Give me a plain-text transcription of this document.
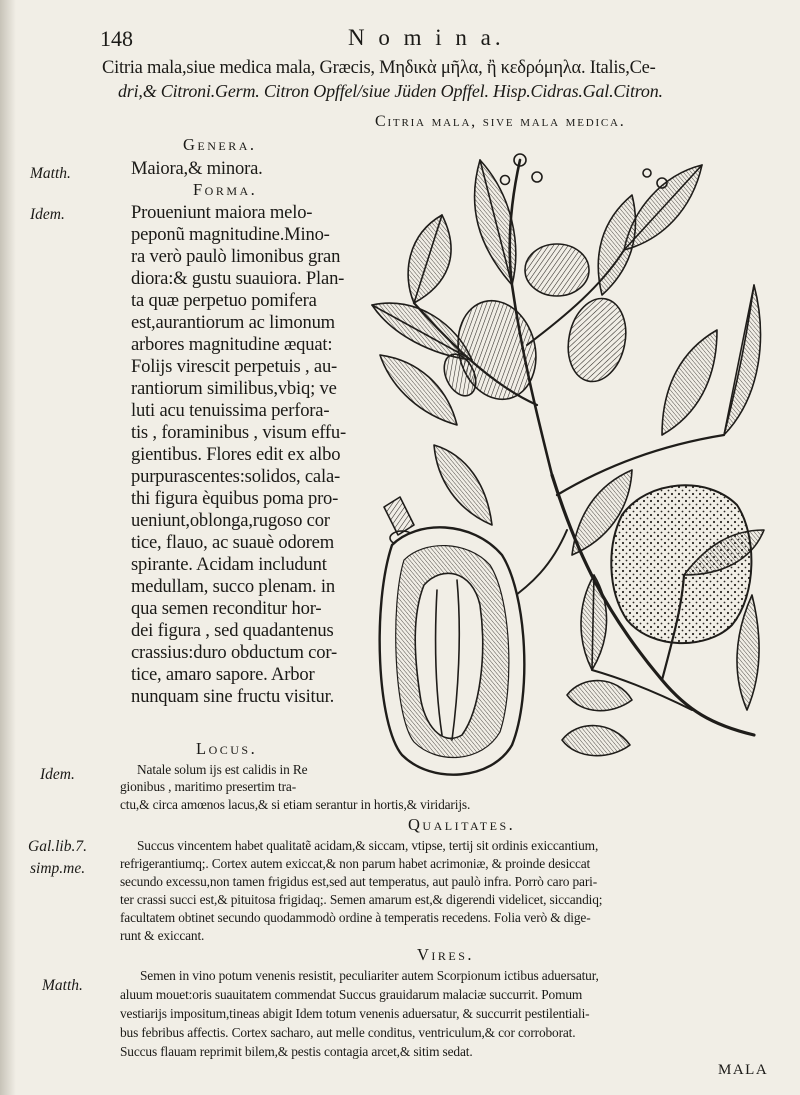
148	N o m i n a.
Citria mala,siue medica mala, Græcis, Μηδικὰ μῆλα, ἢ κεδρόμηλα. Italis,Ce-
dri,& Citroni.Germ. Citron Opffel/siue Jüden Opffel. Hisp.Cidras.Gal.Citron.
Citria mala, sive mala medica.
Genera.
Matth.	Maiora,& minora.
Forma.
Idem.	Proueniunt maiora melo-
peponũ magnitudine.Mino-
ra verò paulò limonibus gran
diora:& gustu suauiora. Plan-
ta quæ perpetuo pomifera
est,aurantiorum ac limonum
arbores magnitudine æquat:
Folijs virescit perpetuis , au-
rantiorum similibus,vbiq; ve
luti acu tenuissima perfora-
tis , foraminibus , visum effu-
gientibus. Flores edit ex albo
purpurascentes:solidos, cala-
thi figura èquibus poma pro-
ueniunt,oblonga,rugoso cor
tice, flauo, ac suauè odorem
spirante. Acidam includunt
medullam, succo plenam. in
qua semen reconditur hor-
dei figura , sed quadantenus
crassius:duro obductum cor-
tice, amaro sapore. Arbor
nunquam sine fructu visitur.
Locus.
Idem.	Natale solum ijs est calidis in Re
gionibus , maritimo presertim tra-
ctu,& circa amœnos lacus,& si etiam serantur in hortis,& viridarijs.
Qualitates.
Gal.lib.7.
simp.me.
Succus vincentem habet qualitatẽ acidam,& siccam, vtipse, tertij sit ordinis exiccantium,
refrigerantiumq;. Cortex autem exiccat,& non parum habet acrimoniæ, & proinde desiccat
secundo excessu,non tamen frigidus est,sed aut temperatus, aut paulò infra. Porrò caro pari-
ter crassi succi est,& pituitosa frigidaq;. Semen amarum est,& digerendi videlicet, siccandiq;
facultatem obtinet secundo quodammodò ordine à temperatis recedens. Folia verò & dige-
runt & exiccant.
Vires.
Matth.
Semen in vino potum venenis resistit, peculiariter autem Scorpionum ictibus aduersatur,
aluum mouet:oris suauitatem commendat Succus grauidarum malaciæ succurrit. Pomum
vestiarijs impositum,tineas abigit Idem totum venenis aduersatur, & succurrit pestilentiali-
bus febribus affectis. Cortex sacharo, aut melle conditus, ventriculum,& cor corroborat.
Succus flauam reprimit bilem,& pestis contagia arcet,& sitim sedat.
MALA
